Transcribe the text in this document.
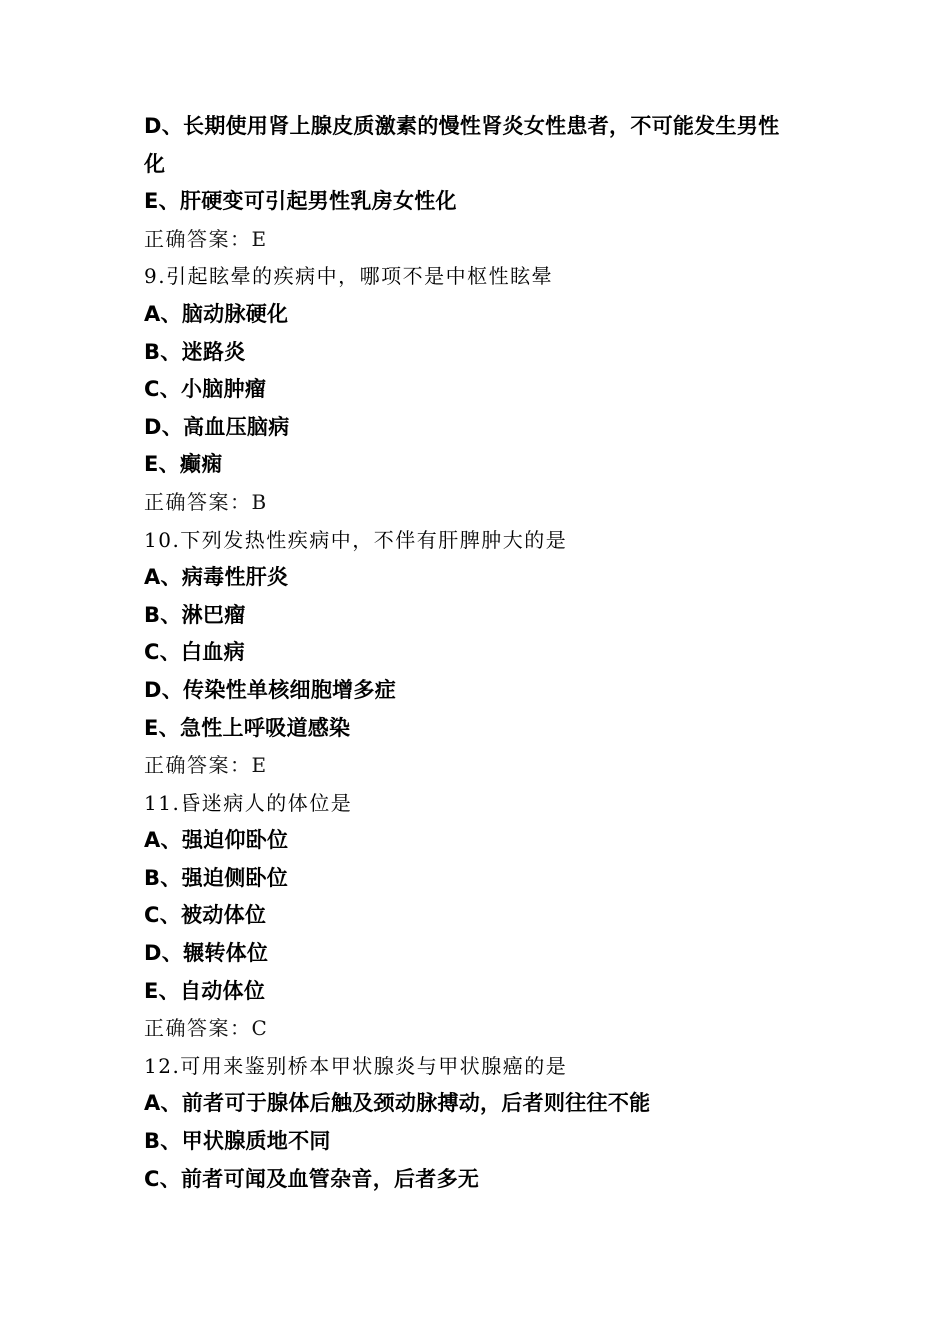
D、长期使用肾上腺皮质激素的慢性肾炎女性患者，不可能发生男性

化

E、肝硬变可引起男性乳房女性化

正确答案：E

9.引起眩晕的疾病中，哪项不是中枢性眩晕

A、脑动脉硬化

B、迷路炎

C、小脑肿瘤

D、高血压脑病

E、癫痫

正确答案：B

10.下列发热性疾病中，不伴有肝脾肿大的是

A、病毒性肝炎

B、淋巴瘤

C、白血病

D、传染性单核细胞增多症

E、急性上呼吸道感染

正确答案：E

11.昏迷病人的体位是

A、强迫仰卧位

B、强迫侧卧位

C、被动体位

D、辗转体位

E、自动体位

正确答案：C

12.可用来鉴别桥本甲状腺炎与甲状腺癌的是

A、前者可于腺体后触及颈动脉搏动，后者则往往不能

B、甲状腺质地不同

C、前者可闻及血管杂音，后者多无
